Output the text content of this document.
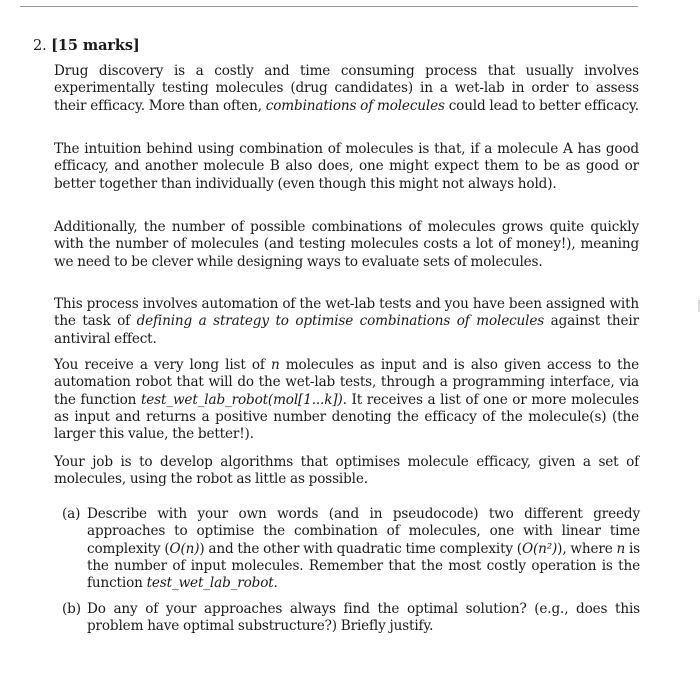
2. [15 marks]

Drug discovery is a costly and time consuming process that usually involves experimentally testing molecules (drug candidates) in a wet-lab in order to assess their efficacy. More than often, combinations of molecules could lead to better efficacy.

The intuition behind using combination of molecules is that, if a molecule A has good efficacy, and another molecule B also does, one might expect them to be as good or better together than individually (even though this might not always hold).

Additionally, the number of possible combinations of molecules grows quite quickly with the number of molecules (and testing molecules costs a lot of money!), meaning we need to be clever while designing ways to evaluate sets of molecules.

This process involves automation of the wet-lab tests and you have been assigned with the task of defining a strategy to optimise combinations of molecules against their antiviral effect.

You receive a very long list of n molecules as input and is also given access to the automation robot that will do the wet-lab tests, through a programming interface, via the function test_wet_lab_robot(mol[1...k]). It receives a list of one or more molecules as input and returns a positive number denoting the efficacy of the molecule(s) (the larger this value, the better!).

Your job is to develop algorithms that optimises molecule efficacy, given a set of molecules, using the robot as little as possible.

(a) Describe with your own words (and in pseudocode) two different greedy approaches to optimise the combination of molecules, one with linear time complexity (O(n)) and the other with quadratic time complexity (O(n²)), where n is the number of input molecules. Remember that the most costly operation is the function test_wet_lab_robot.
(b) Do any of your approaches always find the optimal solution? (e.g., does this problem have optimal substructure?) Briefly justify.
